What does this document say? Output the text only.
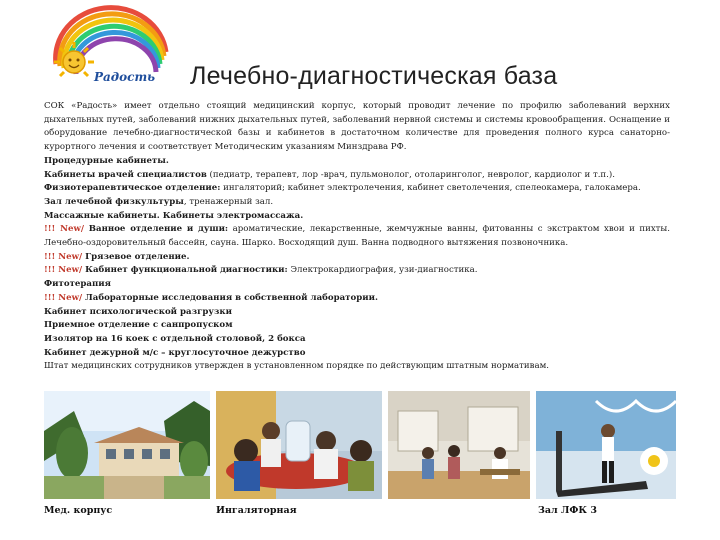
Радость Лечебно-диагностическая база

СОК «Радость» имеет отдельно стоящий медицинский корпус, который проводит лечение по профилю заболеваний верхних дыхательных путей, заболеваний нижних дыхательных путей, заболеваний нервной системы и системы кровообращения. Оснащение и оборудование лечебно-диагностической базы и кабинетов в достаточном количестве для проведения полного курса санаторно-курортного лечения и соответствует Методическим указаниям Минздрава РФ.

Процедурные кабинеты.

Кабинеты врачей специалистов (педиатр, терапевт, лор -врач, пульмонолог, отоларинголог, невролог, кардиолог и т.п.).

Физиотерапевтическое отделение: ингаляторий; кабинет электролечения, кабинет светолечения, спелеокамера, галокамера.

Зал лечебной физкультуры, тренажерный зал.

Массажные кабинеты. Кабинеты электромассажа.

!!! New/ Ванное отделение и души: ароматические, лекарственные, жемчужные ванны, фитованны с экстрактом хвои и пихты. Лечебно-оздоровительный бассейн, сауна. Шарко. Восходящий душ. Ванна подводного вытяжения позвоночника.

!!! New/ Грязевое отделение.

!!! New/ Кабинет функциональной диагностики: Электрокардиография, узи-диагностика.

Фитотерапия

!!! New/ Лабораторные исследования в собственной лаборатории.

Кабинет психологической разгрузки

Приемное отделение с санпропуском

Изолятор на 16 коек с отдельной столовой, 2 бокса

Кабинет дежурной м/с – круглосуточное дежурство

Штат медицинских сотрудников утвержден в установленном порядке по действующим штатным нормативам.

Мед. корпус	Ингаляторная	Зал ЛФК 3
